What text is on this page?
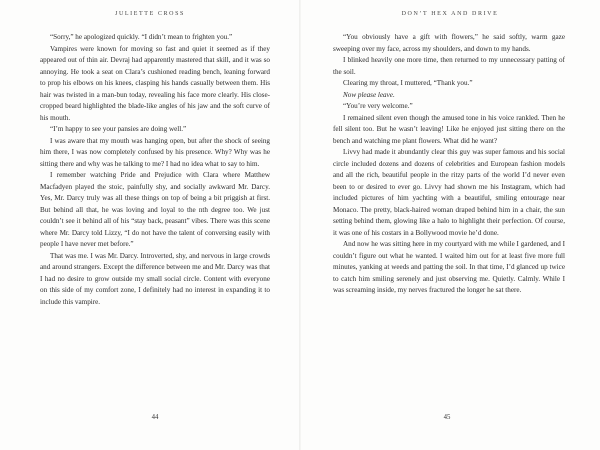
JULIETTE CROSS

“Sorry,” he apologized quickly. “I didn’t mean to frighten you.”

Vampires were known for moving so fast and quiet it seemed as if they appeared out of thin air. Devraj had apparently mastered that skill, and it was so annoying. He took a seat on Clara’s cushioned reading bench, leaning forward to prop his elbows on his knees, clasping his hands casually between them. His hair was twisted in a man-bun today, revealing his face more clearly. His close-cropped beard highlighted the blade-like angles of his jaw and the soft curve of his mouth.

“I’m happy to see your pansies are doing well.”

I was aware that my mouth was hanging open, but after the shock of seeing him there, I was now completely confused by his presence. Why? Why was he sitting there and why was he talking to me? I had no idea what to say to him.

I remember watching Pride and Prejudice with Clara where Matthew Macfadyen played the stoic, painfully shy, and socially awkward Mr. Darcy. Yes, Mr. Darcy truly was all these things on top of being a bit priggish at first. But behind all that, he was loving and loyal to the nth degree too. We just couldn’t see it behind all of his “stay back, peasant” vibes. There was this scene where Mr. Darcy told Lizzy, “I do not have the talent of conversing easily with people I have never met before.”

That was me. I was Mr. Darcy. Introverted, shy, and nervous in large crowds and around strangers. Except the difference between me and Mr. Darcy was that I had no desire to grow outside my small social circle. Content with everyone on this side of my comfort zone, I definitely had no interest in expanding it to include this vampire.

44
DON’T HEX AND DRIVE

“You obviously have a gift with flowers,” he said softly, warm gaze sweeping over my face, across my shoulders, and down to my hands.

I blinked heavily one more time, then returned to my unnecessary patting of the soil.

Clearing my throat, I muttered, “Thank you.”

Now please leave.

“You’re very welcome.”

I remained silent even though the amused tone in his voice rankled. Then he fell silent too. But he wasn’t leaving! Like he enjoyed just sitting there on the bench and watching me plant flowers. What did he want?

Livvy had made it abundantly clear this guy was super famous and his social circle included dozens and dozens of celebrities and European fashion models and all the rich, beautiful people in the ritzy parts of the world I’d never even been to or desired to ever go. Livvy had shown me his Instagram, which had included pictures of him yachting with a beautiful, smiling entourage near Monaco. The pretty, black-haired woman draped behind him in a chair, the sun setting behind them, glowing like a halo to highlight their perfection. Of course, it was one of his costars in a Bollywood movie he’d done.

And now he was sitting here in my courtyard with me while I gardened, and I couldn’t figure out what he wanted. I waited him out for at least five more full minutes, yanking at weeds and patting the soil. In that time, I’d glanced up twice to catch him smiling serenely and just observing me. Quietly. Calmly. While I was screaming inside, my nerves fractured the longer he sat there.

45
